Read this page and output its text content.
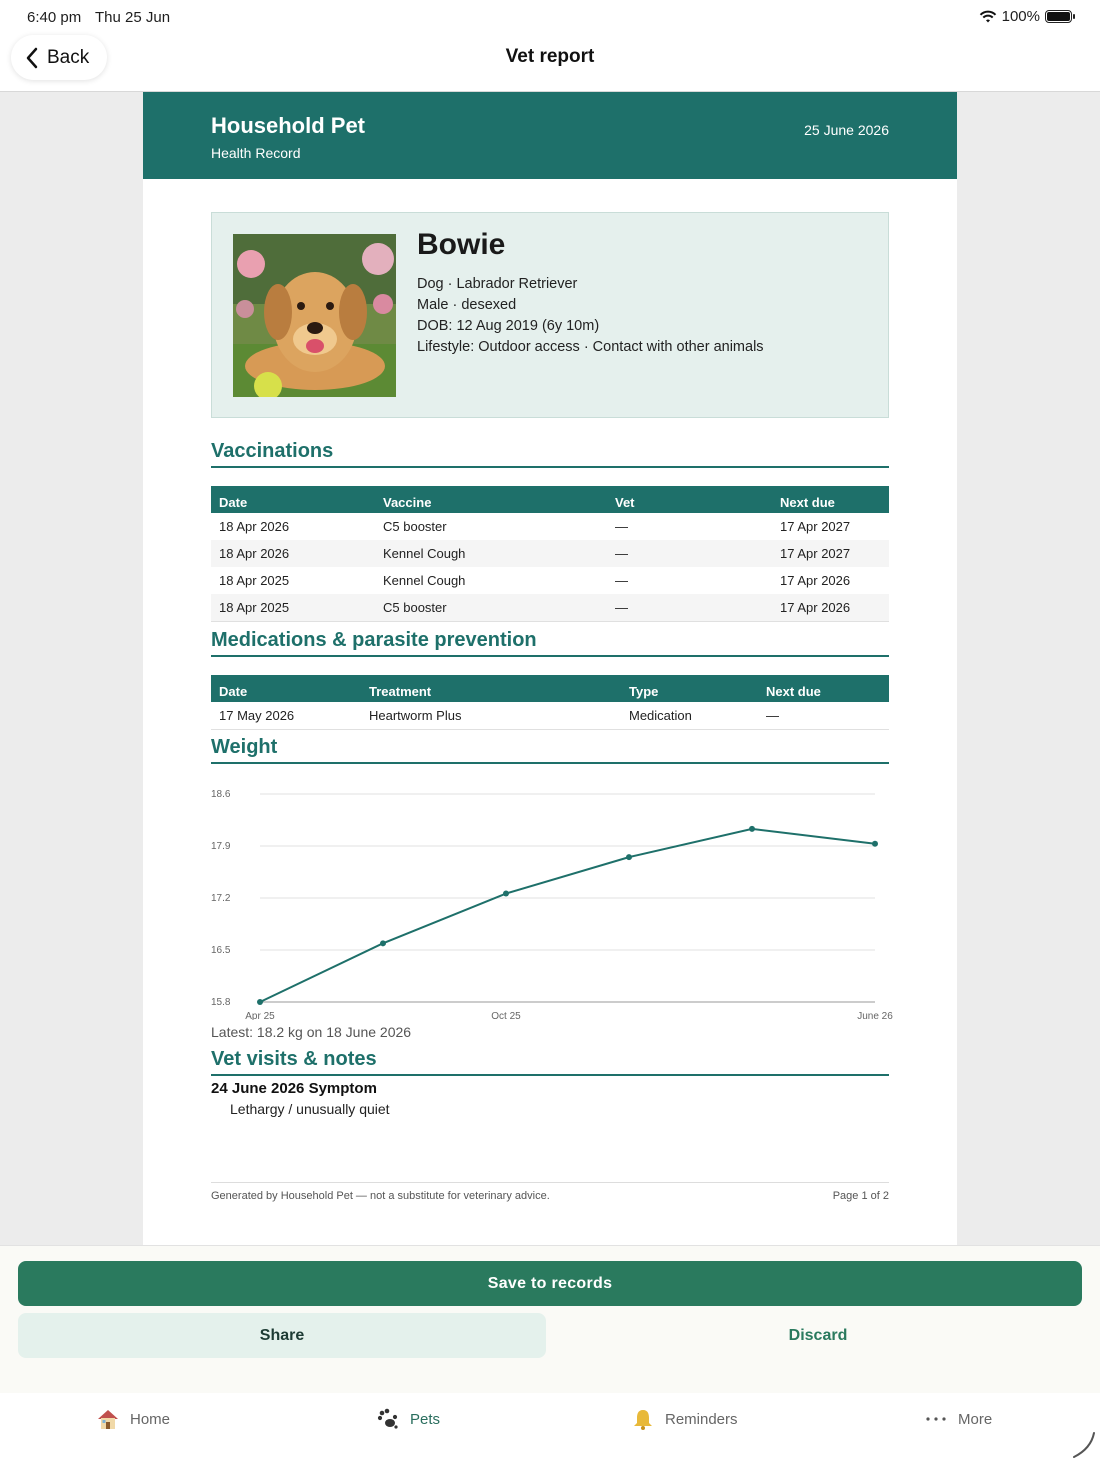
6:40 pm Thu 25 Jun	100%
Back	Vet report
Household Pet
Health Record
25 June 2026
Bowie
Dog · Labrador Retriever
Male · desexed
DOB: 12 Aug 2019 (6y 10m)
Lifestyle: Outdoor access · Contact with other animals
Vaccinations
Date	Vaccine	Vet	Next due
18 Apr 2026	C5 booster	—	17 Apr 2027
18 Apr 2026	Kennel Cough	—	17 Apr 2027
18 Apr 2025	Kennel Cough	—	17 Apr 2026
18 Apr 2025	C5 booster	—	17 Apr 2026
Medications & parasite prevention
Date	Treatment	Type	Next due
17 May 2026	Heartworm Plus	Medication	—
Weight
18.6
17.9
17.2
16.5
15.8
Apr 25	Oct 25	June 26
Latest: 18.2 kg on 18 June 2026
Vet visits & notes
24 June 2026 Symptom
Lethargy / unusually quiet
Generated by Household Pet — not a substitute for veterinary advice.	Page 1 of 2
Save to records
Share	Discard
Home	Pets	Reminders	More
